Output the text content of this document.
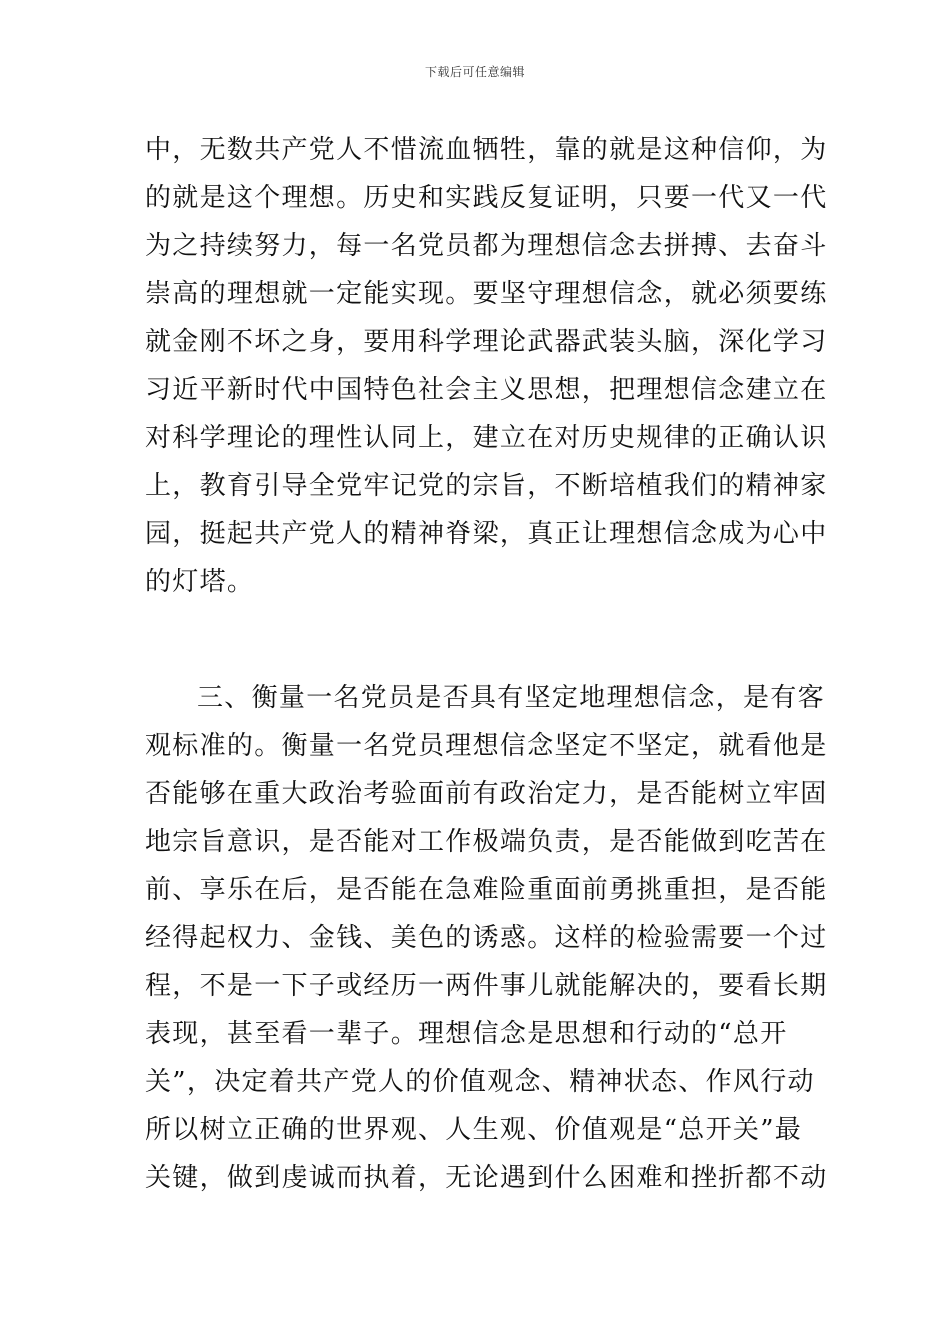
下载后可任意编辑
中，无数共产党人不惜流血牺牲，靠的就是这种信仰，为
的就是这个理想。历史和实践反复证明，只要一代又一代
为之持续努力，每一名党员都为理想信念去拼搏、去奋斗
崇高的理想就一定能实现。要坚守理想信念，就必须要练
就金刚不坏之身，要用科学理论武器武装头脑，深化学习
习近平新时代中国特色社会主义思想，把理想信念建立在
对科学理论的理性认同上，建立在对历史规律的正确认识
上，教育引导全党牢记党的宗旨，不断培植我们的精神家
园，挺起共产党人的精神脊梁，真正让理想信念成为心中
的灯塔。
三、衡量一名党员是否具有坚定地理想信念，是有客
观标准的。衡量一名党员理想信念坚定不坚定，就看他是
否能够在重大政治考验面前有政治定力，是否能树立牢固
地宗旨意识，是否能对工作极端负责，是否能做到吃苦在
前、享乐在后，是否能在急难险重面前勇挑重担，是否能
经得起权力、金钱、美色的诱惑。这样的检验需要一个过
程，不是一下子或经历一两件事儿就能解决的，要看长期
表现，甚至看一辈子。理想信念是思想和行动的“总开
关”，决定着共产党人的价值观念、精神状态、作风行动
所以树立正确的世界观、人生观、价值观是“总开关”最
关键，做到虔诚而执着，无论遇到什么困难和挫折都不动
